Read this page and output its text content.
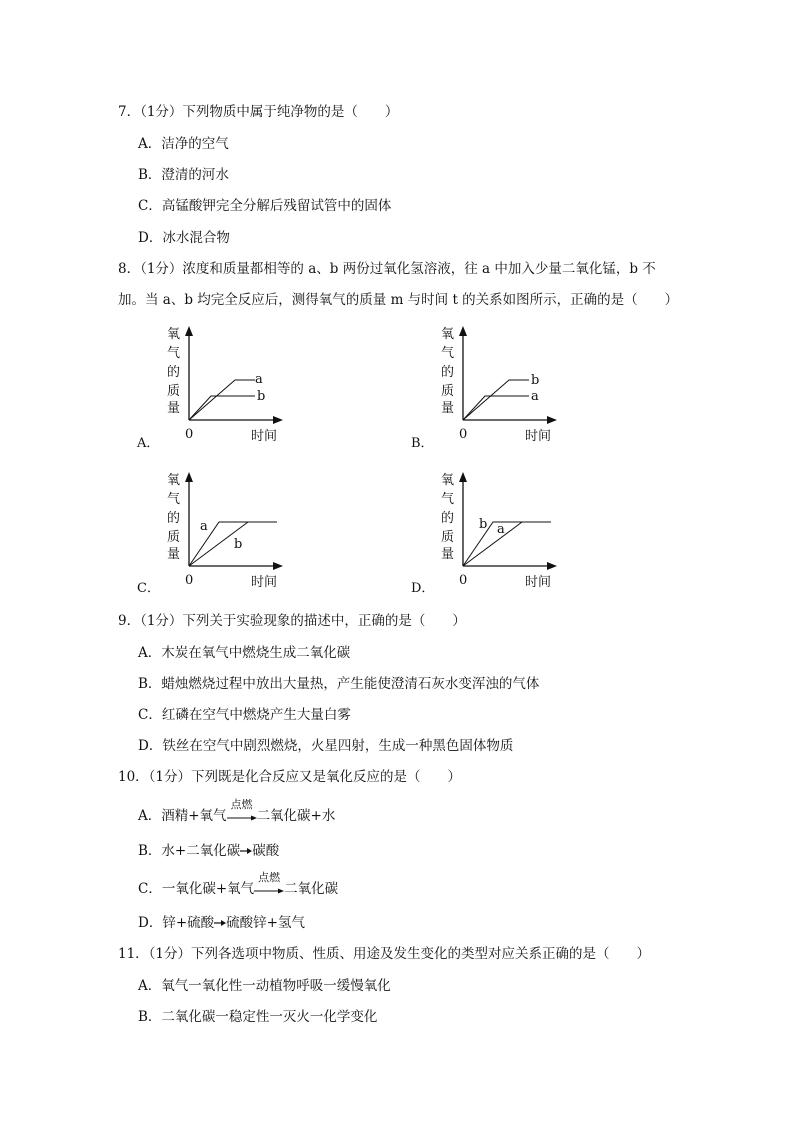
7．（1分）下列物质中属于纯净物的是（　　）
A．洁净的空气
B．澄清的河水
C．高锰酸钾完全分解后残留试管中的固体
D．冰水混合物
8．（1分）浓度和质量都相等的 a、b 两份过氧化氢溶液，往 a 中加入少量二氧化锰，b 不
加。当 a、b 均完全反应后，测得氧气的质量 m 与时间 t 的关系如图所示，正确的是（　　）
氧
气
的
质
量
a
b
0	时间
A．
氧
气
的
质
量
b
a
0	时间
B．
氧
气
的
质
量
a
b
0	时间
C．
氧
气
的
质
量
b a
0	时间
D．
9．（1分）下列关于实验现象的描述中，正确的是（　　）
A．木炭在氧气中燃烧生成二氧化碳
B．蜡烛燃烧过程中放出大量热，产生能使澄清石灰水变浑浊的气体
C．红磷在空气中燃烧产生大量白雾
D．铁丝在空气中剧烈燃烧，火星四射，生成一种黑色固体物质
10．（1分）下列既是化合反应又是氧化反应的是（　　）
A．酒精+氧气
点燃
二氧化碳+水
B．水+二氧化碳→碳酸
C．一氧化碳+氧气
点燃
二氧化碳
D．锌+硫酸→硫酸锌+氢气
11．（1分）下列各选项中物质、性质、用途及发生变化的类型对应关系正确的是（　　）
A．氧气一氧化性一动植物呼吸一缓慢氧化
B．二氧化碳一稳定性一灭火一化学变化
